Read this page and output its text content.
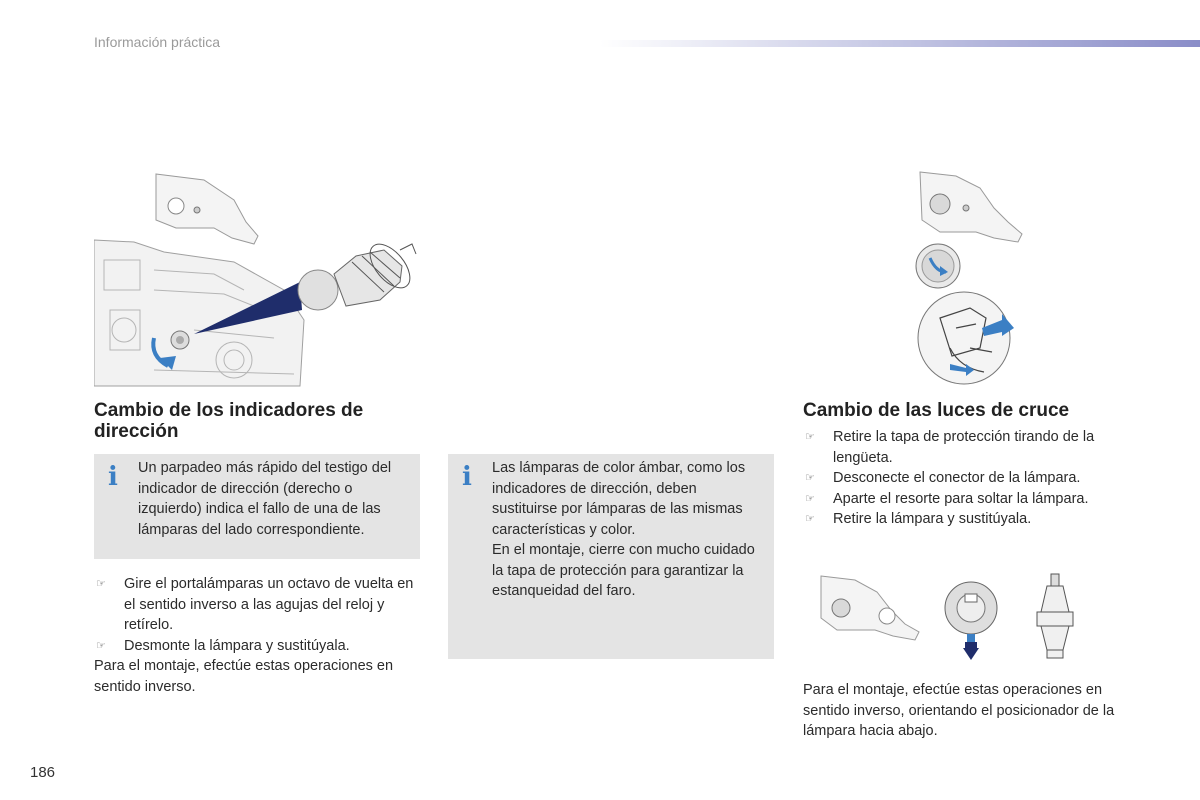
Información práctica
Cambio de los indicadores de dirección
i Un parpadeo más rápido del testigo del indicador de dirección (derecho o izquierdo) indica el fallo de una de las lámparas del lado correspondiente.

☞ Gire el portalámparas un octavo de vuelta en el sentido inverso a las agujas del reloj y retírelo.
☞ Desmonte la lámpara y sustitúyala.

Para el montaje, efectúe estas operaciones en sentido inverso.

i Las lámparas de color ámbar, como los indicadores de dirección, deben sustituirse por lámparas de las mismas características y color.

En el montaje, cierre con mucho cuidado la tapa de protección para garantizar la estanqueidad del faro.

Cambio de las luces de cruce
☞ Retire la tapa de protección tirando de la lengüeta.
☞ Desconecte el conector de la lámpara.
☞ Aparte el resorte para soltar la lámpara.
☞ Retire la lámpara y sustitúyala.

Para el montaje, efectúe estas operaciones en sentido inverso, orientando el posicionador de la lámpara hacia abajo.

186
